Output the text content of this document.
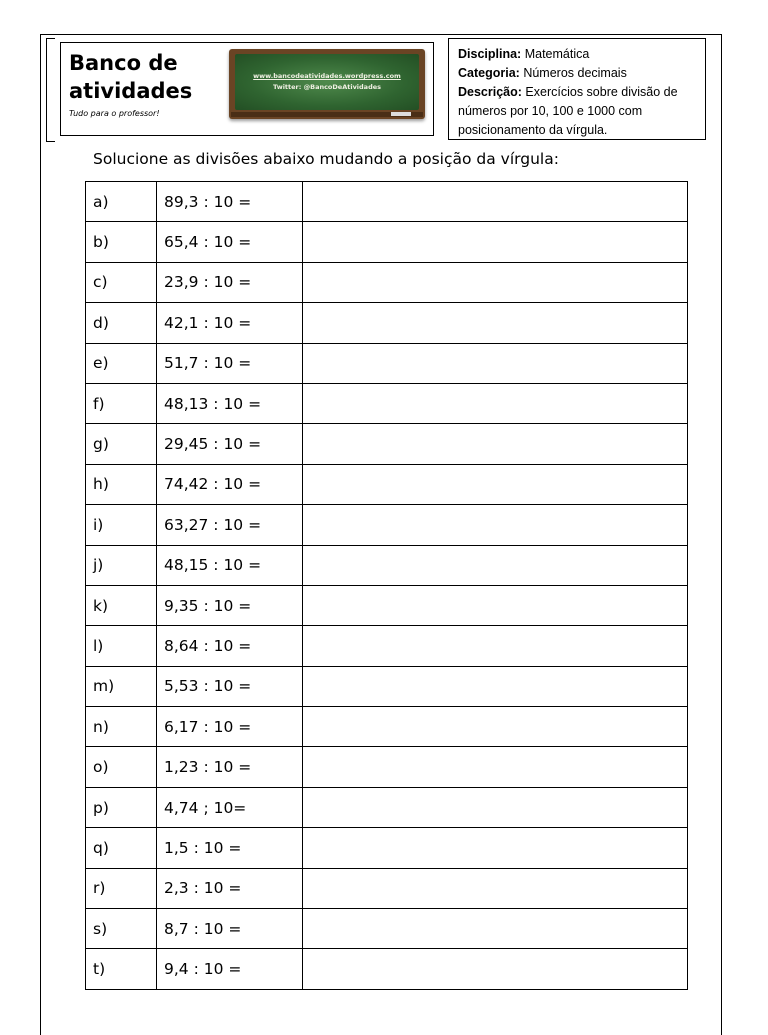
Banco de atividades
Tudo para o professor!
www.bancodeatividades.wordpress.com
Twitter: @BancoDeAtividades
Disciplina: Matemática
Categoria: Números decimais
Descrição: Exercícios sobre divisão de números por 10, 100 e 1000 com posicionamento da vírgula.
Solucione as divisões abaixo mudando a posição da vírgula:
a)	89,3 : 10 =	
b)	65,4 : 10 =	
c)	23,9 : 10 =	
d)	42,1 : 10 =	
e)	51,7 : 10 =	
f)	48,13 : 10 =	
g)	29,45 : 10 =	
h)	74,42 : 10 =	
i)	63,27 : 10 =	
j)	48,15 : 10 =	
k)	9,35 : 10 =	
l)	8,64 : 10 =	
m)	5,53 : 10 =	
n)	6,17 : 10 =	
o)	1,23 : 10 =	
p)	4,74 ; 10=	
q)	1,5 : 10 =	
r)	2,3 : 10 =	
s)	8,7 : 10 =	
t)	9,4 : 10 =	
